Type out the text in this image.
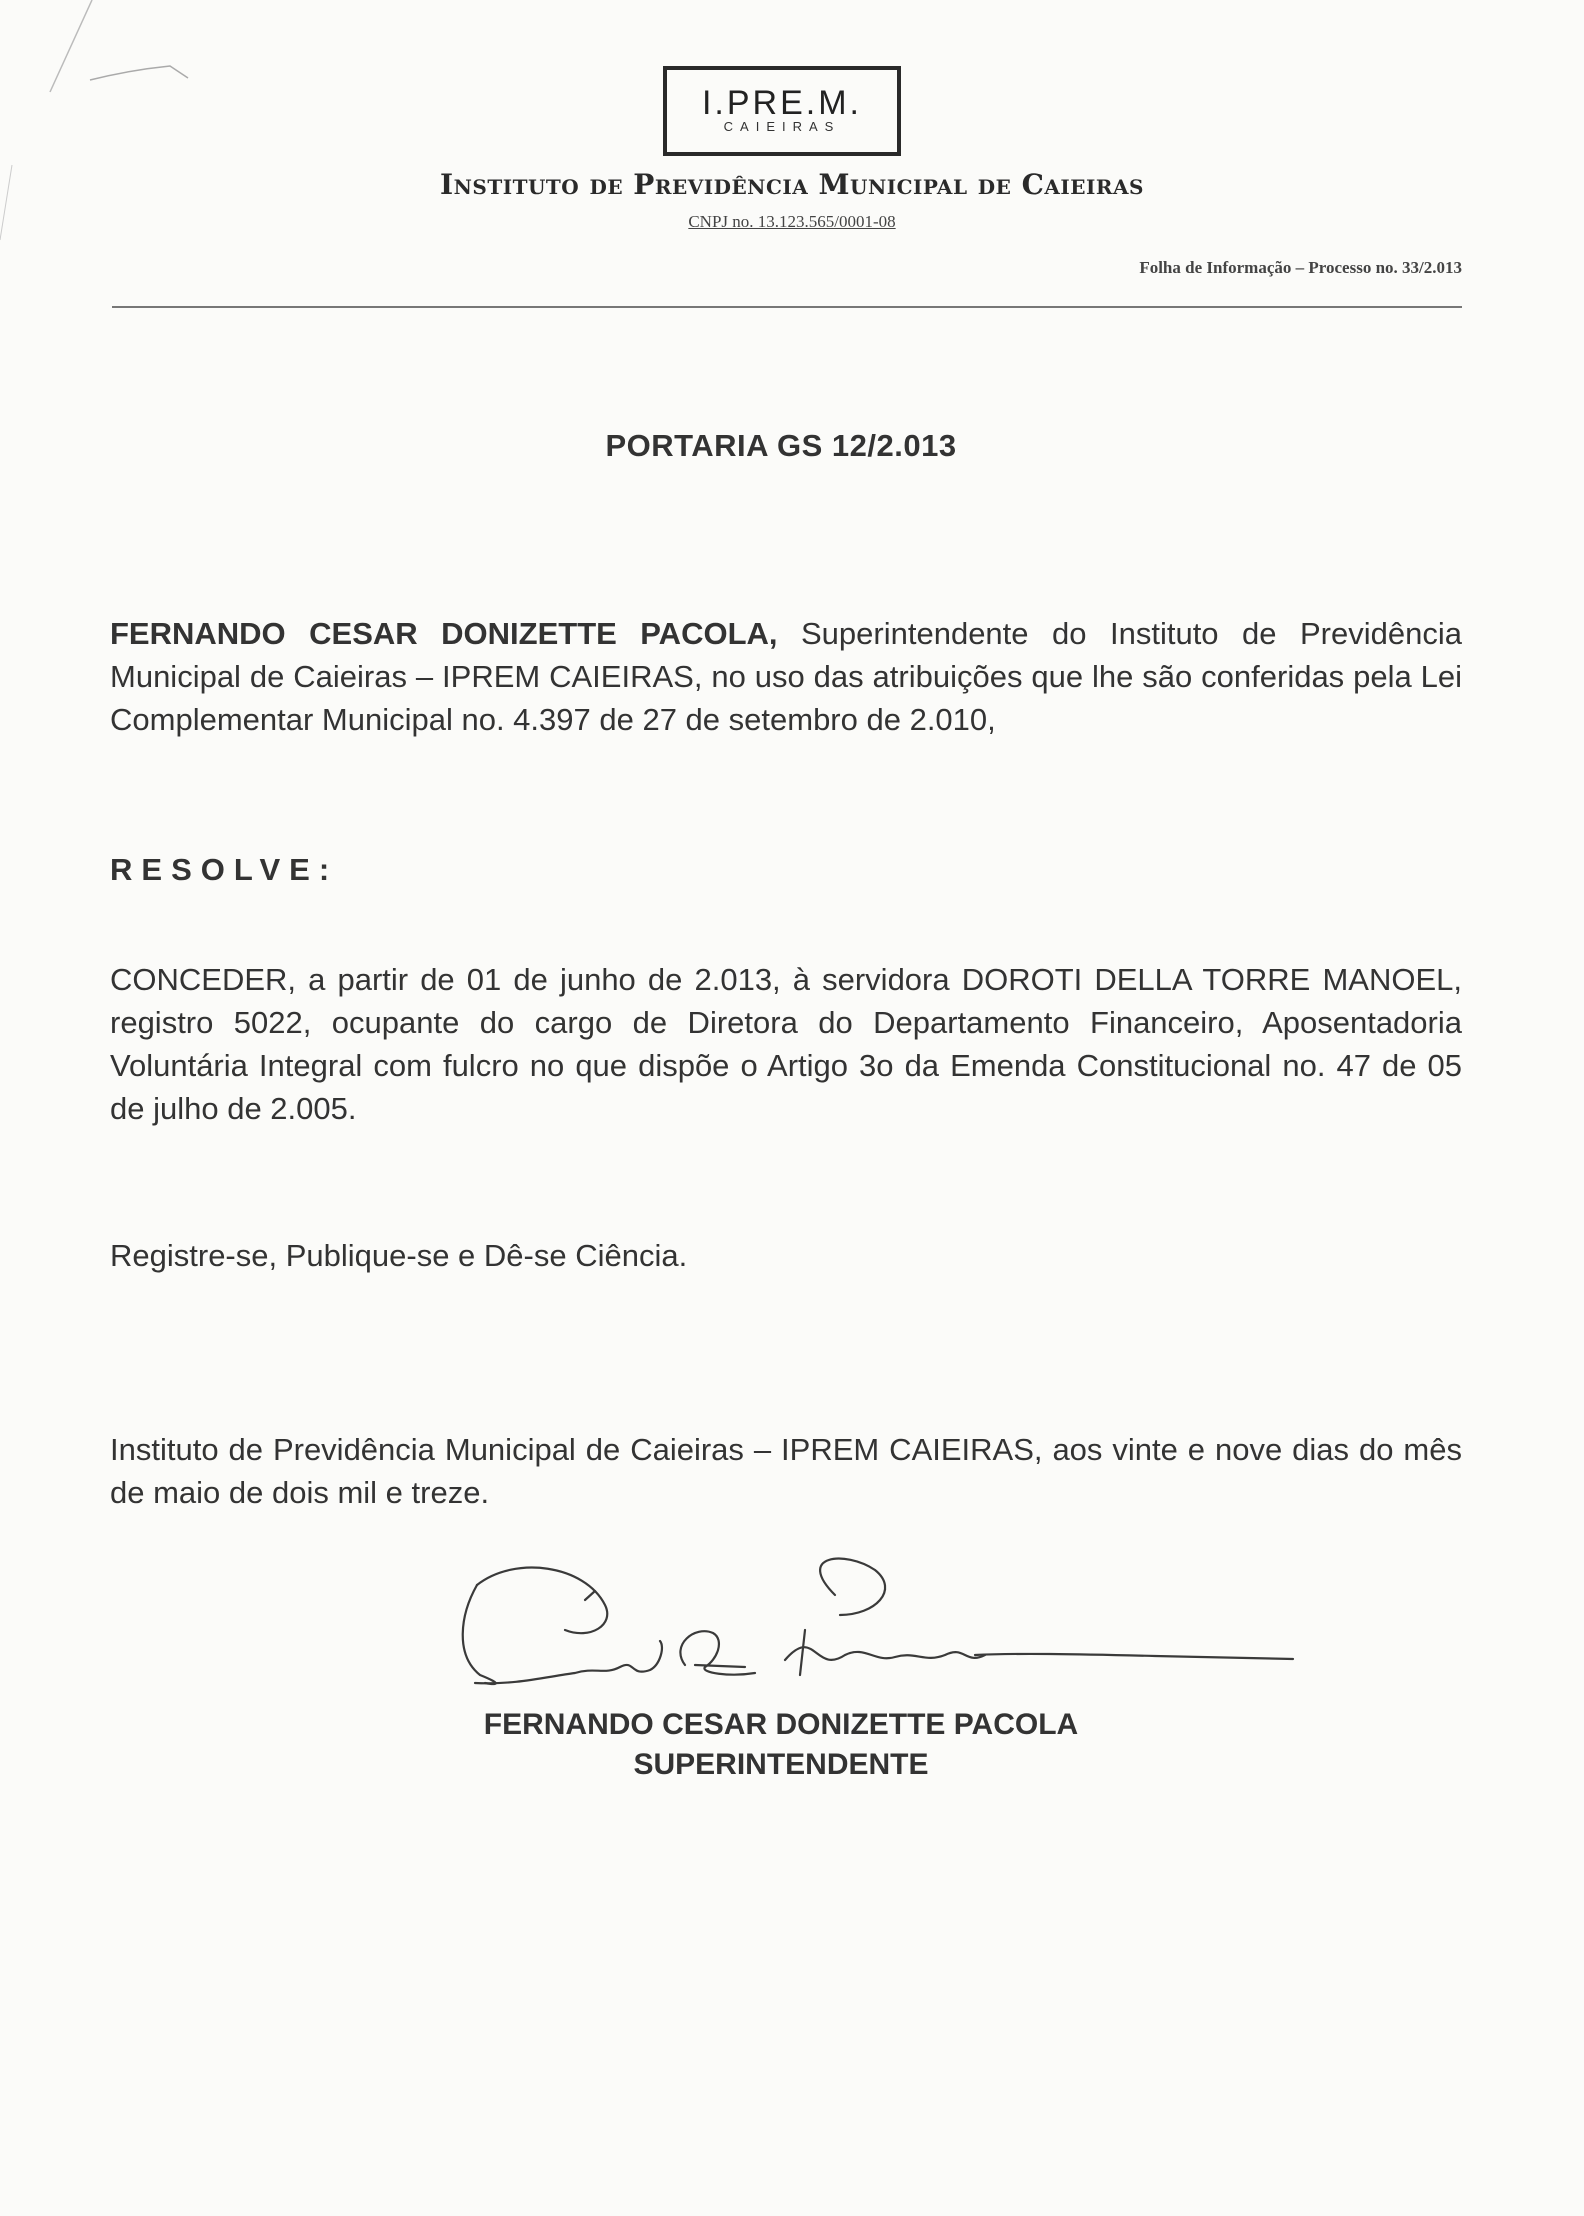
I.PRE.M.
CAIEIRAS
Instituto de Previdência Municipal de Caieiras
CNPJ no. 13.123.565/0001-08
Folha de Informação – Processo no. 33/2.013
PORTARIA GS 12/2.013
FERNANDO CESAR DONIZETTE PACOLA, Superintendente do Instituto de Previdência Municipal de Caieiras – IPREM CAIEIRAS, no uso das atribuições que lhe são conferidas pela Lei Complementar Municipal no. 4.397 de 27 de setembro de 2.010,
RESOLVE:
CONCEDER, a partir de 01 de junho de 2.013, à servidora DOROTI DELLA TORRE MANOEL, registro 5022, ocupante do cargo de Diretora do Departamento Financeiro, Aposentadoria Voluntária Integral com fulcro no que dispõe o Artigo 3o da Emenda Constitucional no. 47 de 05 de julho de 2.005.
Registre-se, Publique-se e Dê-se Ciência.
Instituto de Previdência Municipal de Caieiras – IPREM CAIEIRAS, aos vinte e nove dias do mês de maio de dois mil e treze.
FERNANDO CESAR DONIZETTE PACOLA
SUPERINTENDENTE
